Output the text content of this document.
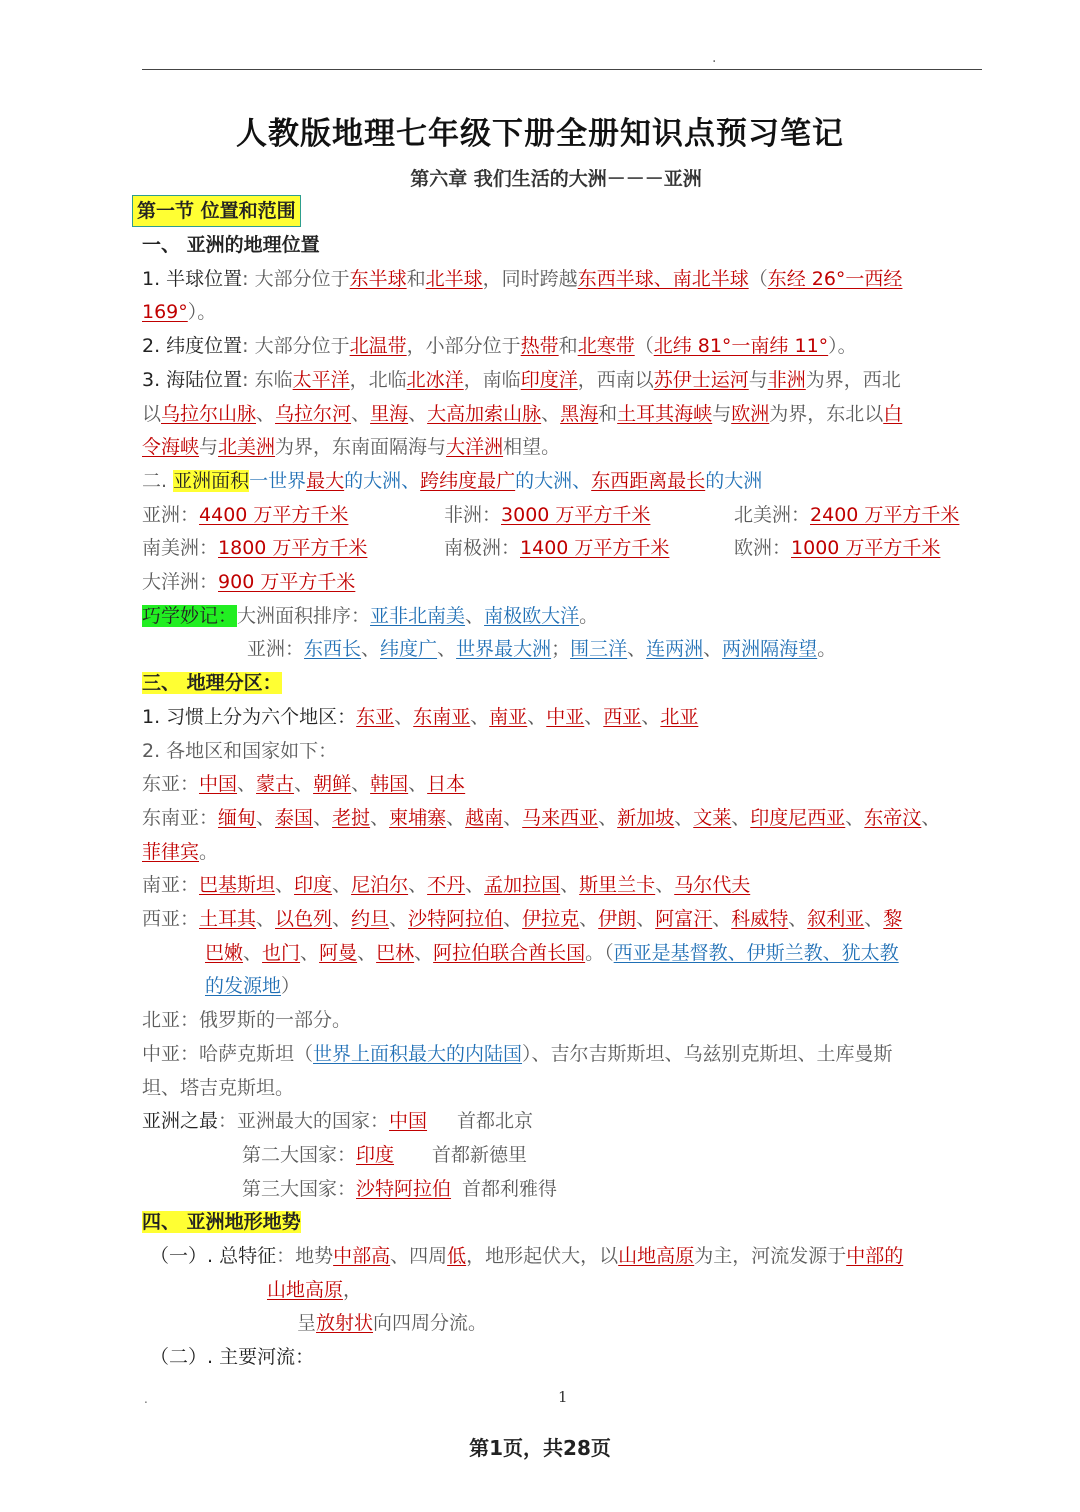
.
人教版地理七年级下册全册知识点预习笔记
第六章 我们生活的大洲－－－亚洲
第一节 位置和范围
一、 亚洲的地理位置
1. 半球位置: 大部分位于东半球和北半球，同时跨越东西半球、南北半球（东经 26°一西经
169°）。
2. 纬度位置: 大部分位于北温带，小部分位于热带和北寒带（北纬 81°一南纬 11°）。
3. 海陆位置: 东临太平洋，北临北冰洋，南临印度洋，西南以苏伊士运河与非洲为界，西北
以乌拉尔山脉、乌拉尔河、里海、大高加索山脉、黑海和土耳其海峡与欧洲为界，东北以白
令海峡与北美洲为界，东南面隔海与大洋洲相望。
二. 亚洲面积一世界最大的大洲、跨纬度最广的大洲、东西距离最长的大洲
亚洲：4400 万平方千米	非洲：3000 万平方千米	北美洲：2400 万平方千米
南美洲：1800 万平方千米	南极洲：1400 万平方千米	欧洲：1000 万平方千米
大洋洲：900 万平方千米
巧学妙记：大洲面积排序：亚非北南美、南极欧大洋。
亚洲：东西长、纬度广、世界最大洲；围三洋、连两洲、两洲隔海望。
三、 地理分区：
1. 习惯上分为六个地区：东亚、东南亚、南亚、中亚、西亚、北亚
2. 各地区和国家如下：
东亚：中国、蒙古、朝鲜、韩国、日本
东南亚：缅甸、泰国、老挝、柬埔寨、越南、马来西亚、新加坡、文莱、印度尼西亚、东帝汶、
菲律宾。
南亚：巴基斯坦、印度、尼泊尔、不丹、孟加拉国、斯里兰卡、马尔代夫
西亚：土耳其、以色列、约旦、沙特阿拉伯、伊拉克、伊朗、阿富汗、科威特、叙利亚、黎
巴嫩、也门、阿曼、巴林、阿拉伯联合酋长国。（西亚是基督教、伊斯兰教、犹太教
的发源地）
北亚：俄罗斯的一部分。
中亚：哈萨克斯坦（世界上面积最大的内陆国）、吉尔吉斯斯坦、乌兹别克斯坦、土库曼斯
坦、塔吉克斯坦。
亚洲之最：亚洲最大的国家：中国 首都北京
第二大国家：印度 首都新德里
第三大国家：沙特阿拉伯 首都利雅得
四、 亚洲地形地势
（一）. 总特征：地势中部高、四周低，地形起伏大，以山地高原为主，河流发源于中部的
山地高原，
呈放射状向四周分流。
（二）. 主要河流：
.	1
第1页，共28页
